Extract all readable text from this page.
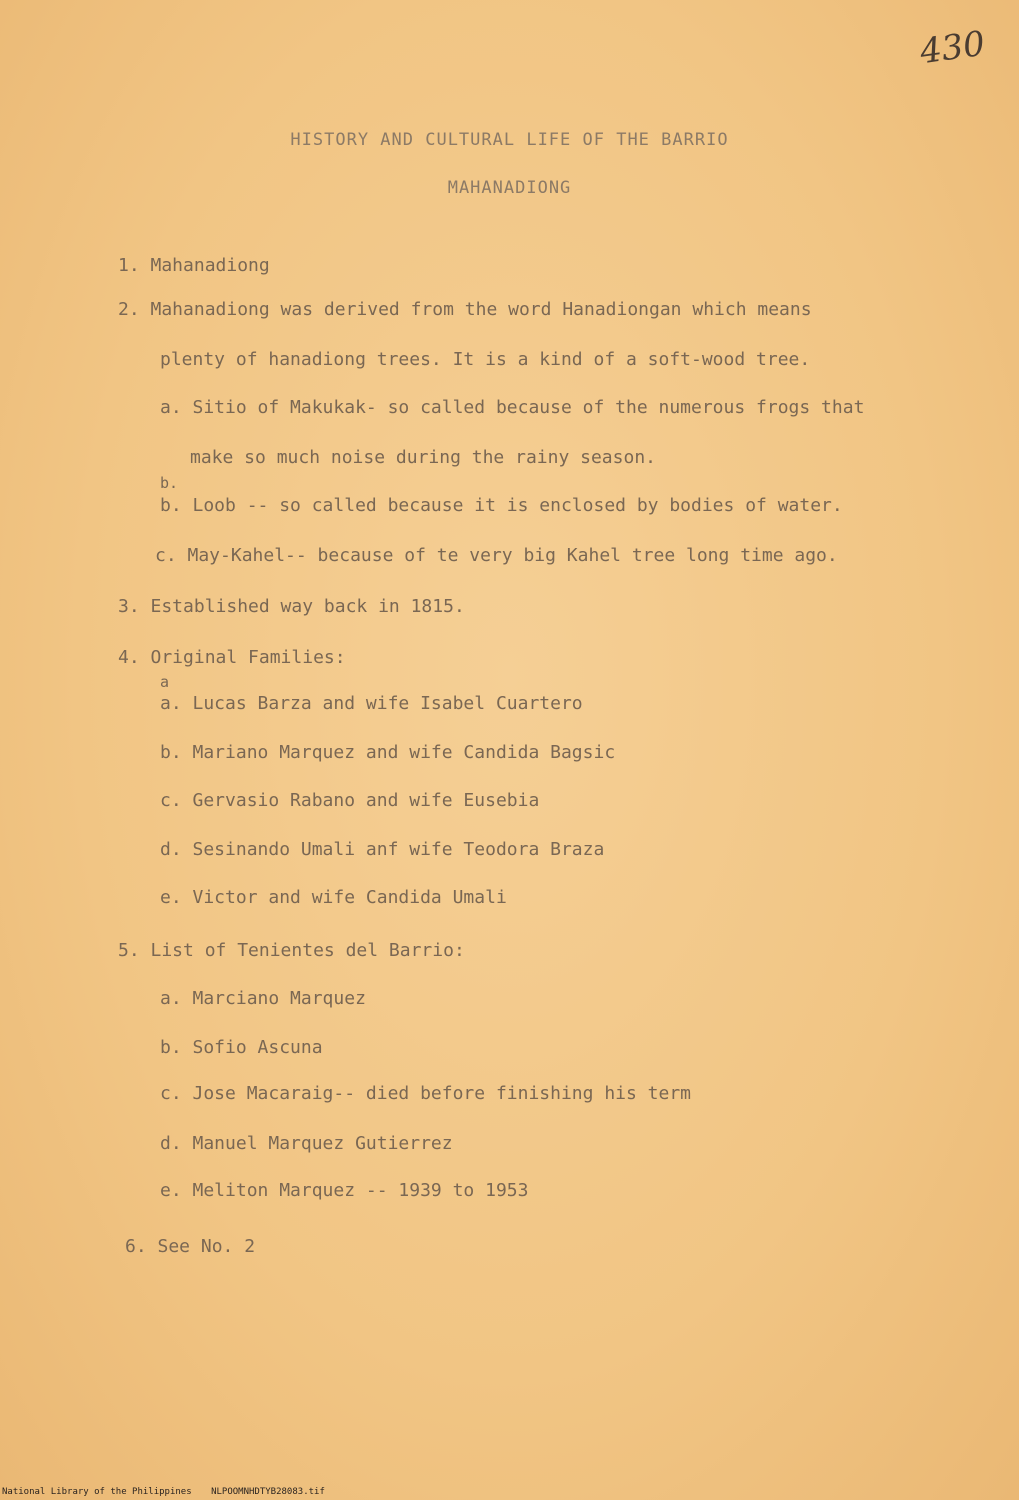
430
HISTORY AND CULTURAL LIFE OF THE BARRIO
MAHANADIONG
1. Mahanadiong
2. Mahanadiong was derived from the word Hanadiongan which means
plenty of hanadiong trees. It is a kind of a soft-wood tree.
a. Sitio of Makukak- so called because of the numerous frogs that
make so much noise during the rainy season.
b.
b. Loob -- so called because it is enclosed by bodies of water.
c. May-Kahel-- because of te very big Kahel tree long time ago.
3. Established way back in 1815.
4. Original Families:
a
a. Lucas Barza and wife Isabel Cuartero
b. Mariano Marquez and wife Candida Bagsic
c. Gervasio Rabano and wife Eusebia
d. Sesinando Umali anf wife Teodora Braza
e. Victor and wife Candida Umali
5. List of Tenientes del Barrio:
a. Marciano Marquez
b. Sofio Ascuna
c. Jose Macaraig-- died before finishing his term
d. Manuel Marquez Gutierrez
e. Meliton Marquez -- 1939 to 1953
6. See No. 2
National Library of the Philippines NLPOOMNHDTYB28083.tif
